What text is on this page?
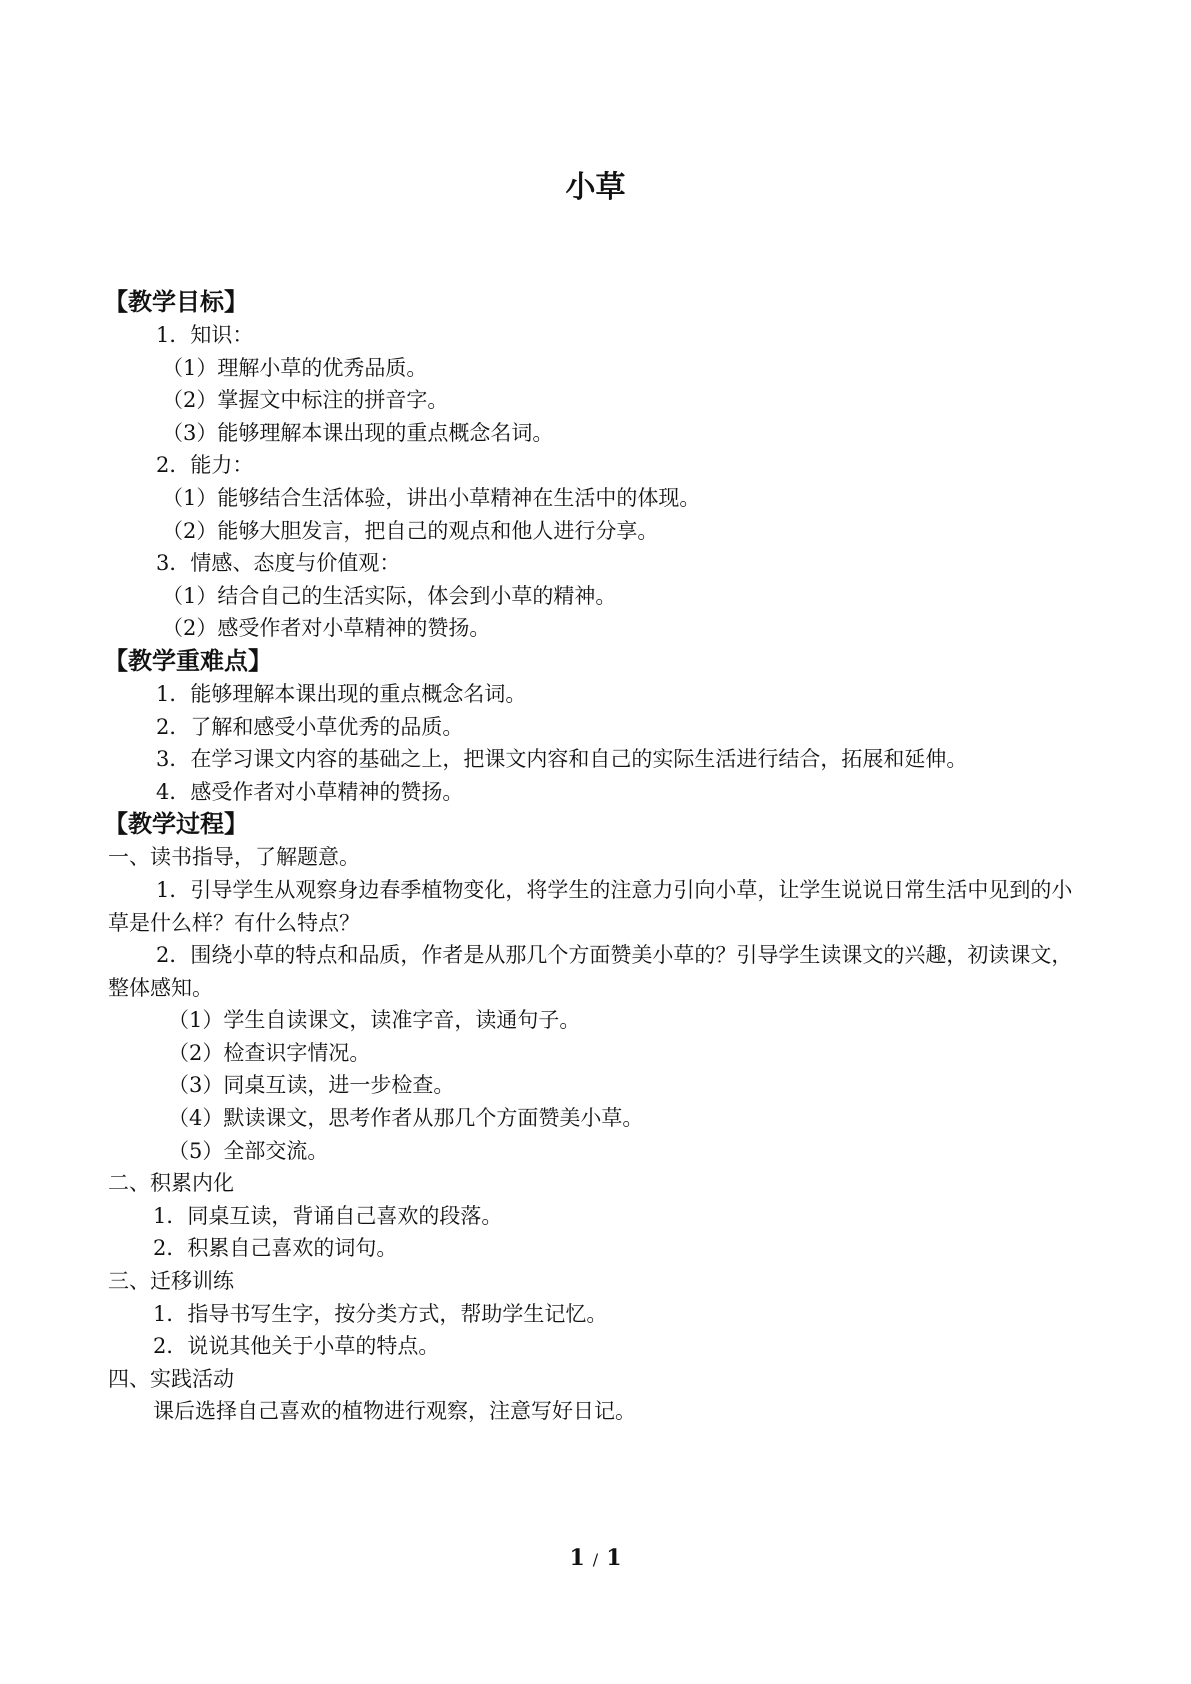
小草
【教学目标】
1．知识：
（1）理解小草的优秀品质。
（2）掌握文中标注的拼音字。
（3）能够理解本课出现的重点概念名词。
2．能力：
（1）能够结合生活体验，讲出小草精神在生活中的体现。
（2）能够大胆发言，把自己的观点和他人进行分享。
3．情感、态度与价值观：
（1）结合自己的生活实际，体会到小草的精神。
（2）感受作者对小草精神的赞扬。
【教学重难点】
1．能够理解本课出现的重点概念名词。
2．了解和感受小草优秀的品质。
3．在学习课文内容的基础之上，把课文内容和自己的实际生活进行结合，拓展和延伸。
4．感受作者对小草精神的赞扬。
【教学过程】
一、读书指导，了解题意。
1．引导学生从观察身边春季植物变化，将学生的注意力引向小草，让学生说说日常生活中见到的小草是什么样？有什么特点？
2．围绕小草的特点和品质，作者是从那几个方面赞美小草的？引导学生读课文的兴趣，初读课文，整体感知。
（1）学生自读课文，读准字音，读通句子。
（2）检查识字情况。
（3）同桌互读，进一步检查。
（4）默读课文，思考作者从那几个方面赞美小草。
（5）全部交流。
二、积累内化
1．同桌互读，背诵自己喜欢的段落。
2．积累自己喜欢的词句。
三、迁移训练
1．指导书写生字，按分类方式，帮助学生记忆。
2．说说其他关于小草的特点。
四、实践活动
课后选择自己喜欢的植物进行观察，注意写好日记。
1 / 1
